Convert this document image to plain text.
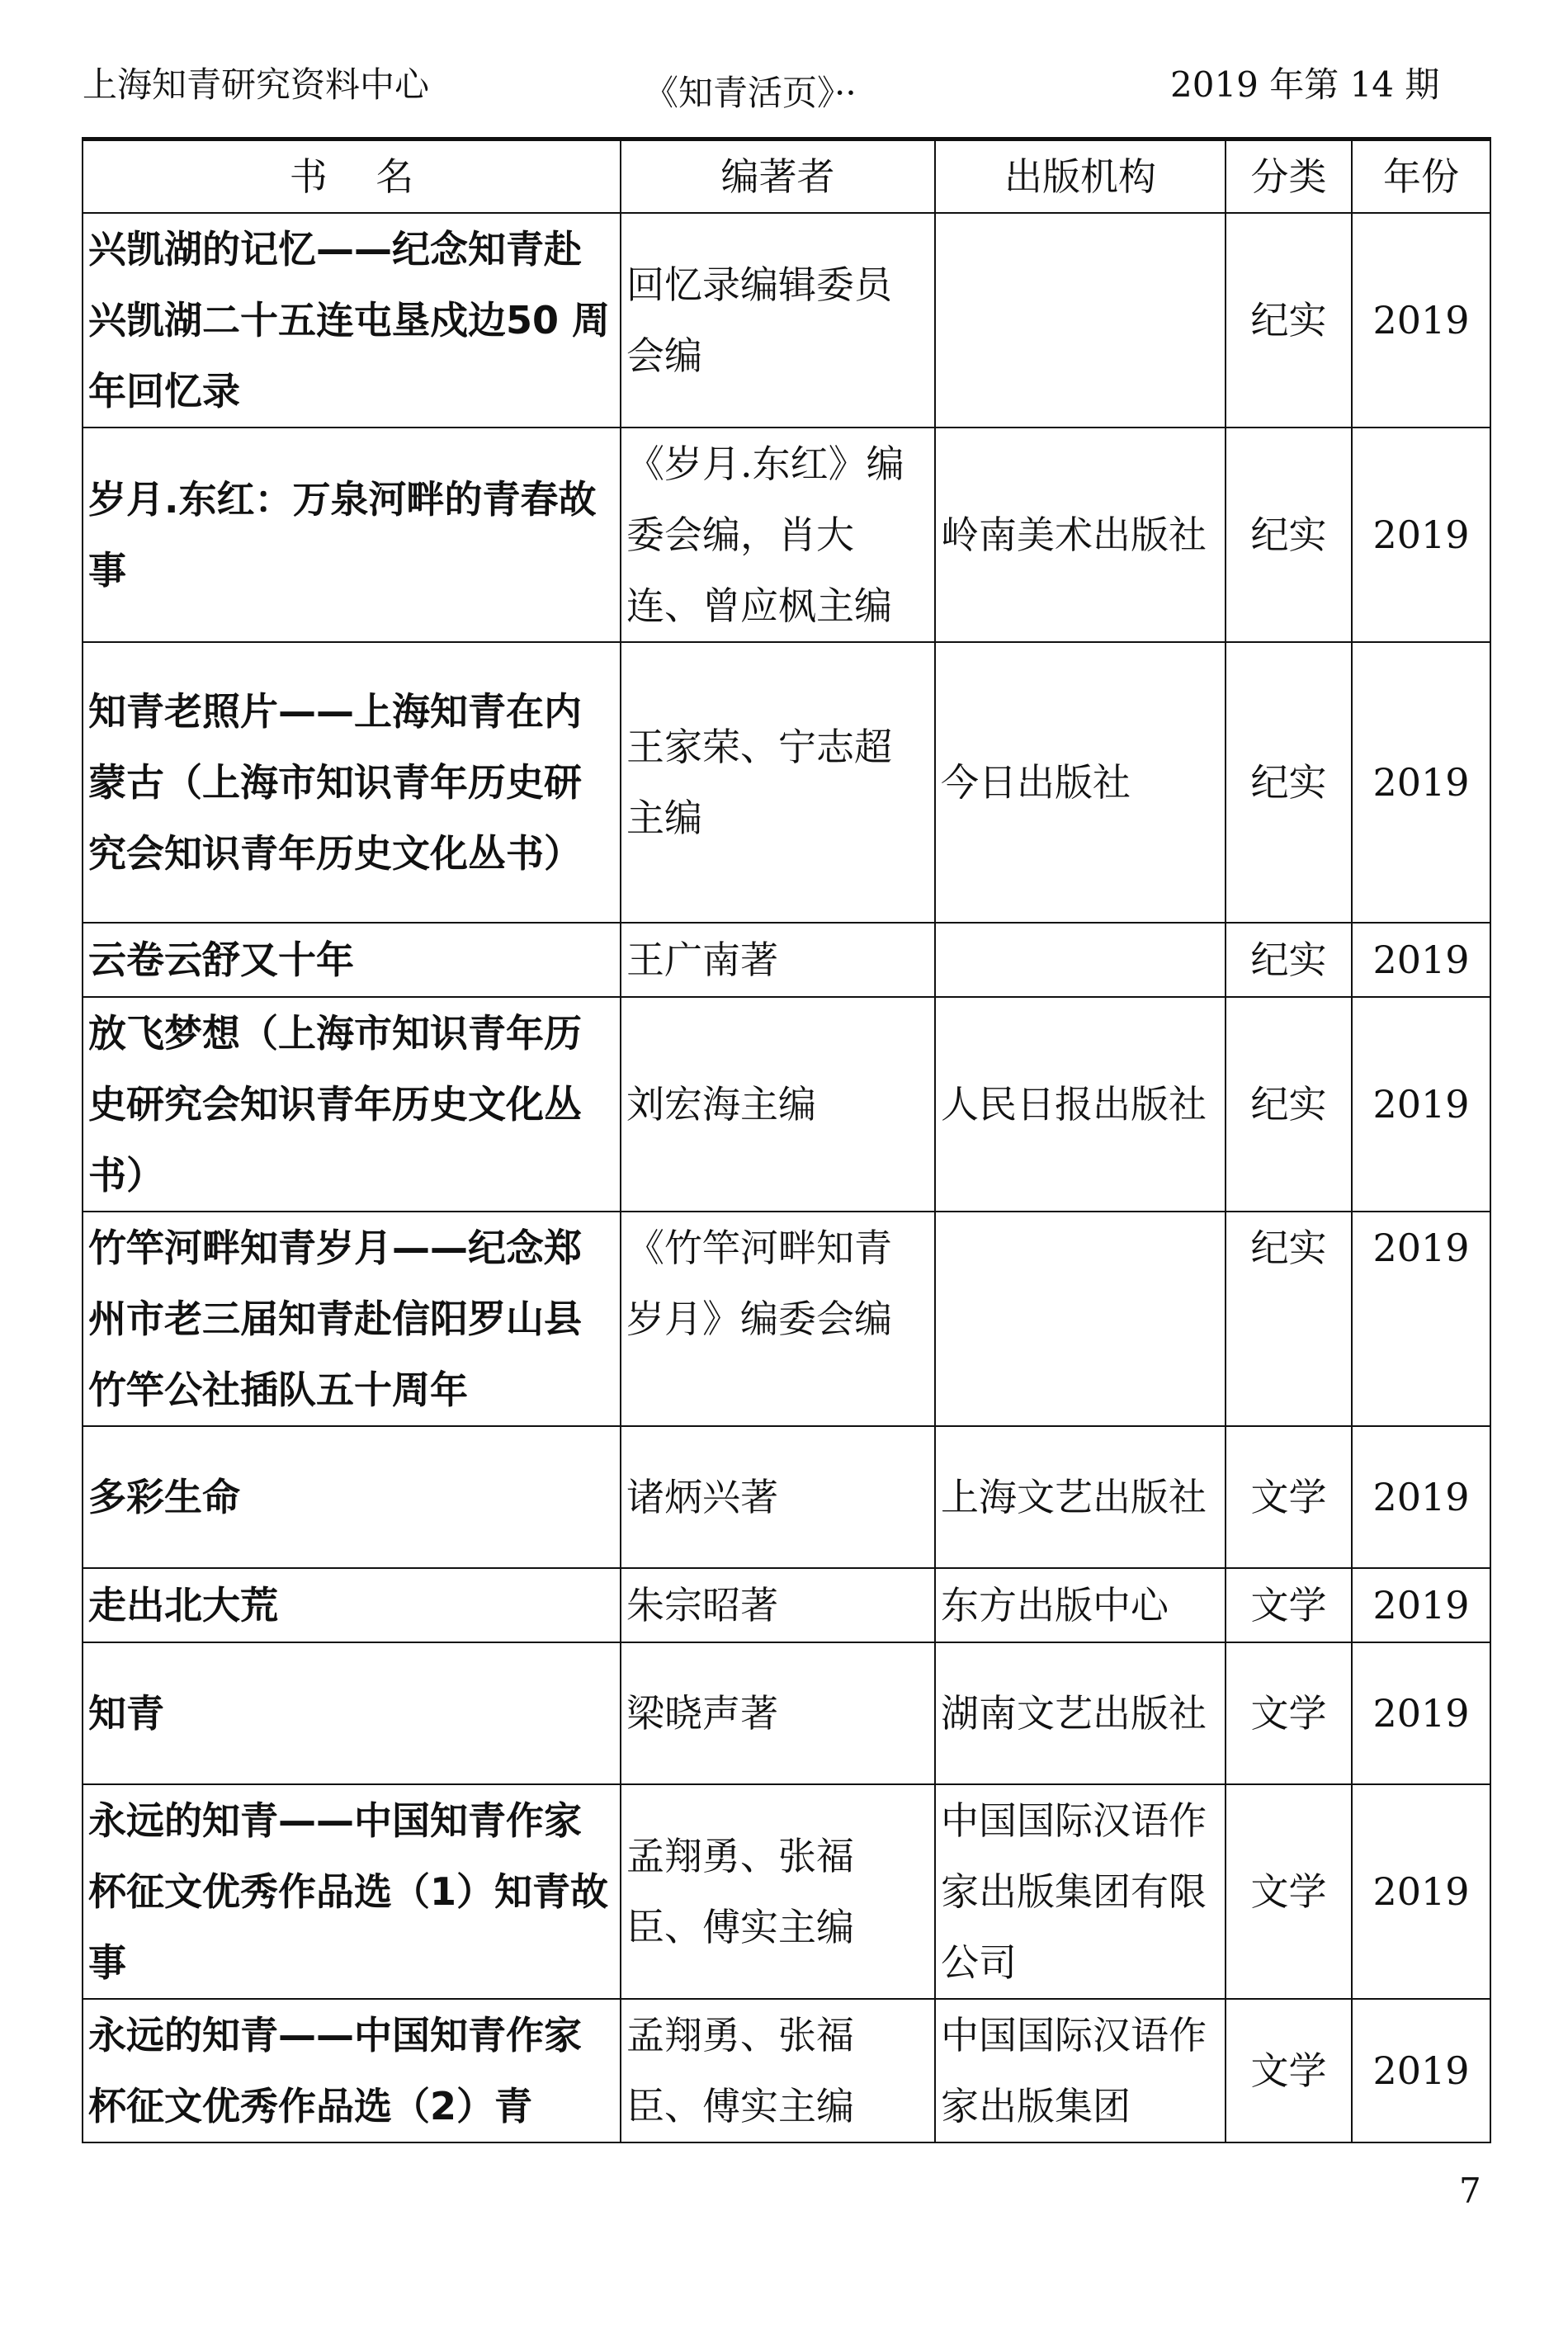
上海知青研究资料中心	《知青活页》··	2019 年第 14 期
书    名	编著者	出版机构	分类	年份
兴凯湖的记忆——纪念知青赴兴凯湖二十五连屯垦戍边50 周年回忆录	回忆录编辑委员会编		纪实	2019
岁月.东红：万泉河畔的青春故事	《岁月.东红》编委会编，肖大连、曾应枫主编	岭南美术出版社	纪实	2019
知青老照片——上海知青在内蒙古（上海市知识青年历史研究会知识青年历史文化丛书）	王家荣、宁志超主编	今日出版社	纪实	2019
云卷云舒又十年	王广南著		纪实	2019
放飞梦想（上海市知识青年历史研究会知识青年历史文化丛书）	刘宏海主编	人民日报出版社	纪实	2019
竹竿河畔知青岁月——纪念郑州市老三届知青赴信阳罗山县竹竿公社插队五十周年	《竹竿河畔知青岁月》编委会编		纪实	2019
多彩生命	诸炳兴著	上海文艺出版社	文学	2019
走出北大荒	朱宗昭著	东方出版中心	文学	2019
知青	梁晓声著	湖南文艺出版社	文学	2019
永远的知青——中国知青作家杯征文优秀作品选（1）知青故事	孟翔勇、张福臣、傅实主编	中国国际汉语作家出版集团有限公司	文学	2019
永远的知青——中国知青作家杯征文优秀作品选（2）青	孟翔勇、张福臣、傅实主编	中国国际汉语作家出版集团	文学	2019
7
